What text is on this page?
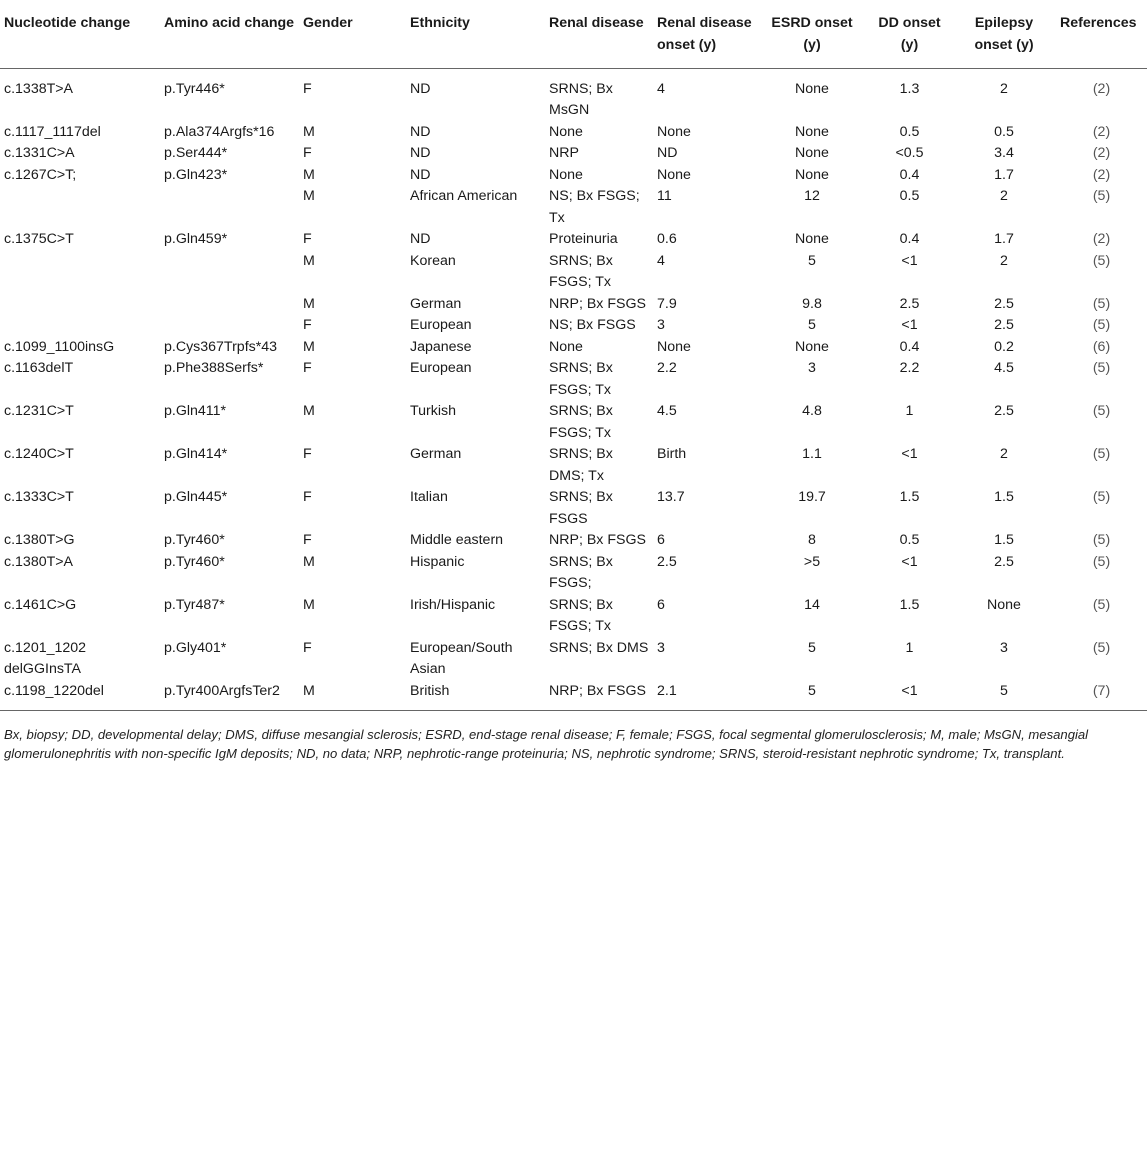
Nucleotide change	Amino acid change	Gender	Ethnicity	Renal disease	Renal disease onset (y)	ESRD onset (y)	DD onset (y)	Epilepsy onset (y)	References
c.1338T>A	p.Tyr446*	F	ND	SRNS; Bx MsGN	4	None	1.3	2	(2)
c.1117_1117del	p.Ala374Argfs*16	M	ND	None	None	None	0.5	0.5	(2)
c.1331C>A	p.Ser444*	F	ND	NRP	ND	None	<0.5	3.4	(2)
c.1267C>T;	p.Gln423*	M	ND	None	None	None	0.4	1.7	(2)
		M	African American	NS; Bx FSGS; Tx	11	12	0.5	2	(5)
c.1375C>T	p.Gln459*	F	ND	Proteinuria	0.6	None	0.4	1.7	(2)
		M	Korean	SRNS; Bx FSGS; Tx	4	5	<1	2	(5)
		M	German	NRP; Bx FSGS	7.9	9.8	2.5	2.5	(5)
		F	European	NS; Bx FSGS	3	5	<1	2.5	(5)
c.1099_1100insG	p.Cys367Trpfs*43	M	Japanese	None	None	None	0.4	0.2	(6)
c.1163delT	p.Phe388Serfs*	F	European	SRNS; Bx FSGS; Tx	2.2	3	2.2	4.5	(5)
c.1231C>T	p.Gln411*	M	Turkish	SRNS; Bx FSGS; Tx	4.5	4.8	1	2.5	(5)
c.1240C>T	p.Gln414*	F	German	SRNS; Bx DMS; Tx	Birth	1.1	<1	2	(5)
c.1333C>T	p.Gln445*	F	Italian	SRNS; Bx FSGS	13.7	19.7	1.5	1.5	(5)
c.1380T>G	p.Tyr460*	F	Middle eastern	NRP; Bx FSGS	6	8	0.5	1.5	(5)
c.1380T>A	p.Tyr460*	M	Hispanic	SRNS; Bx FSGS;	2.5	>5	<1	2.5	(5)
c.1461C>G	p.Tyr487*	M	Irish/Hispanic	SRNS; Bx FSGS; Tx	6	14	1.5	None	(5)
c.1201_1202 delGGInsTA	p.Gly401*	F	European/South Asian	SRNS; Bx DMS	3	5	1	3	(5)
c.1198_1220del	p.Tyr400ArgfsTer2	M	British	NRP; Bx FSGS	2.1	5	<1	5	(7)
Bx, biopsy; DD, developmental delay; DMS, diffuse mesangial sclerosis; ESRD, end-stage renal disease; F, female; FSGS, focal segmental glomerulosclerosis; M, male; MsGN, mesangial glomerulonephritis with non-specific IgM deposits; ND, no data; NRP, nephrotic-range proteinuria; NS, nephrotic syndrome; SRNS, steroid-resistant nephrotic syndrome; Tx, transplant.
